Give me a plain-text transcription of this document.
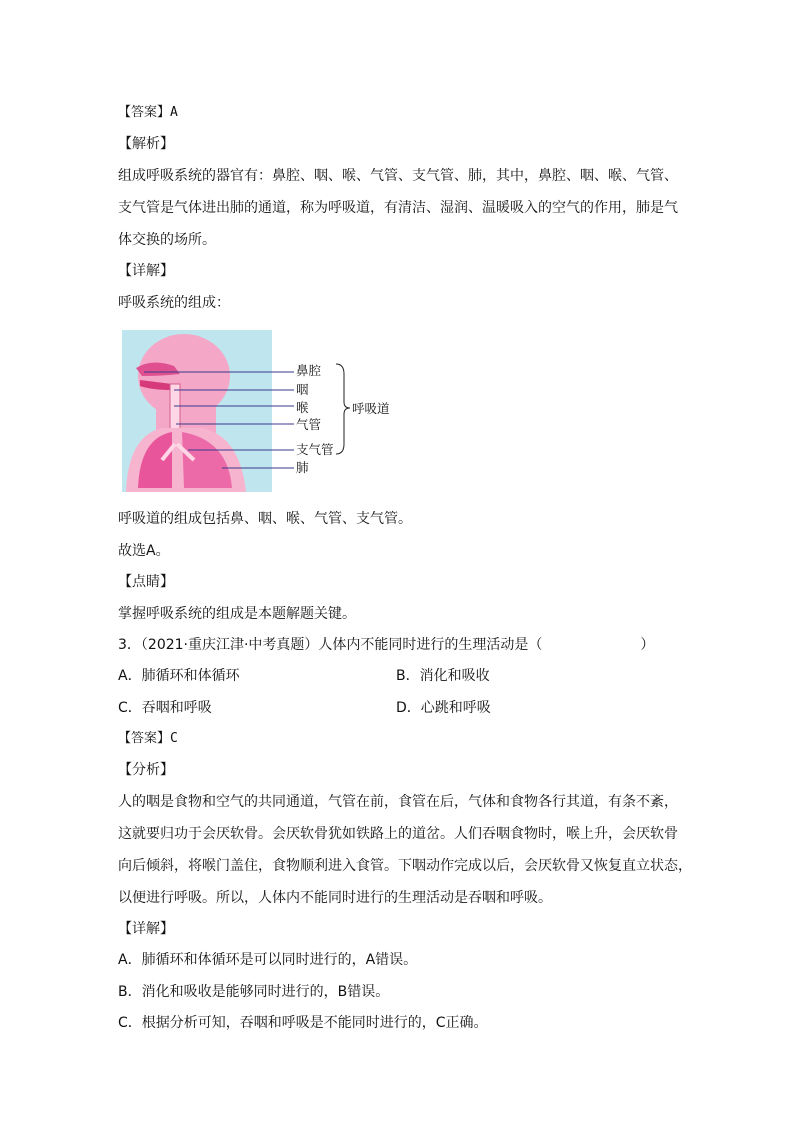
【答案】A
【解析】
组成呼吸系统的器官有：鼻腔、咽、喉、气管、支气管、肺，其中，鼻腔、咽、喉、气管、
支气管是气体进出肺的通道，称为呼吸道，有清洁、湿润、温暖吸入的空气的作用，肺是气
体交换的场所。
【详解】
呼吸系统的组成：
鼻腔
咽
喉
气管
支气管
肺
呼吸道
呼吸道的组成包括鼻、咽、喉、气管、支气管。
故选A。
【点睛】
掌握呼吸系统的组成是本题解题关键。
3．（2021·重庆江津·中考真题）人体内不能同时进行的生理活动是（　　　　　　　）
A．肺循环和体循环	B．消化和吸收
C．吞咽和呼吸	D．心跳和呼吸
【答案】C
【分析】
人的咽是食物和空气的共同通道，气管在前，食管在后，气体和食物各行其道，有条不紊，
这就要归功于会厌软骨。会厌软骨犹如铁路上的道岔。人们吞咽食物时，喉上升，会厌软骨
向后倾斜，将喉门盖住，食物顺利进入食管。下咽动作完成以后，会厌软骨又恢复直立状态，
以便进行呼吸。所以，人体内不能同时进行的生理活动是吞咽和呼吸。
【详解】
A．肺循环和体循环是可以同时进行的，A错误。
B．消化和吸收是能够同时进行的，B错误。
C．根据分析可知，吞咽和呼吸是不能同时进行的，C正确。
